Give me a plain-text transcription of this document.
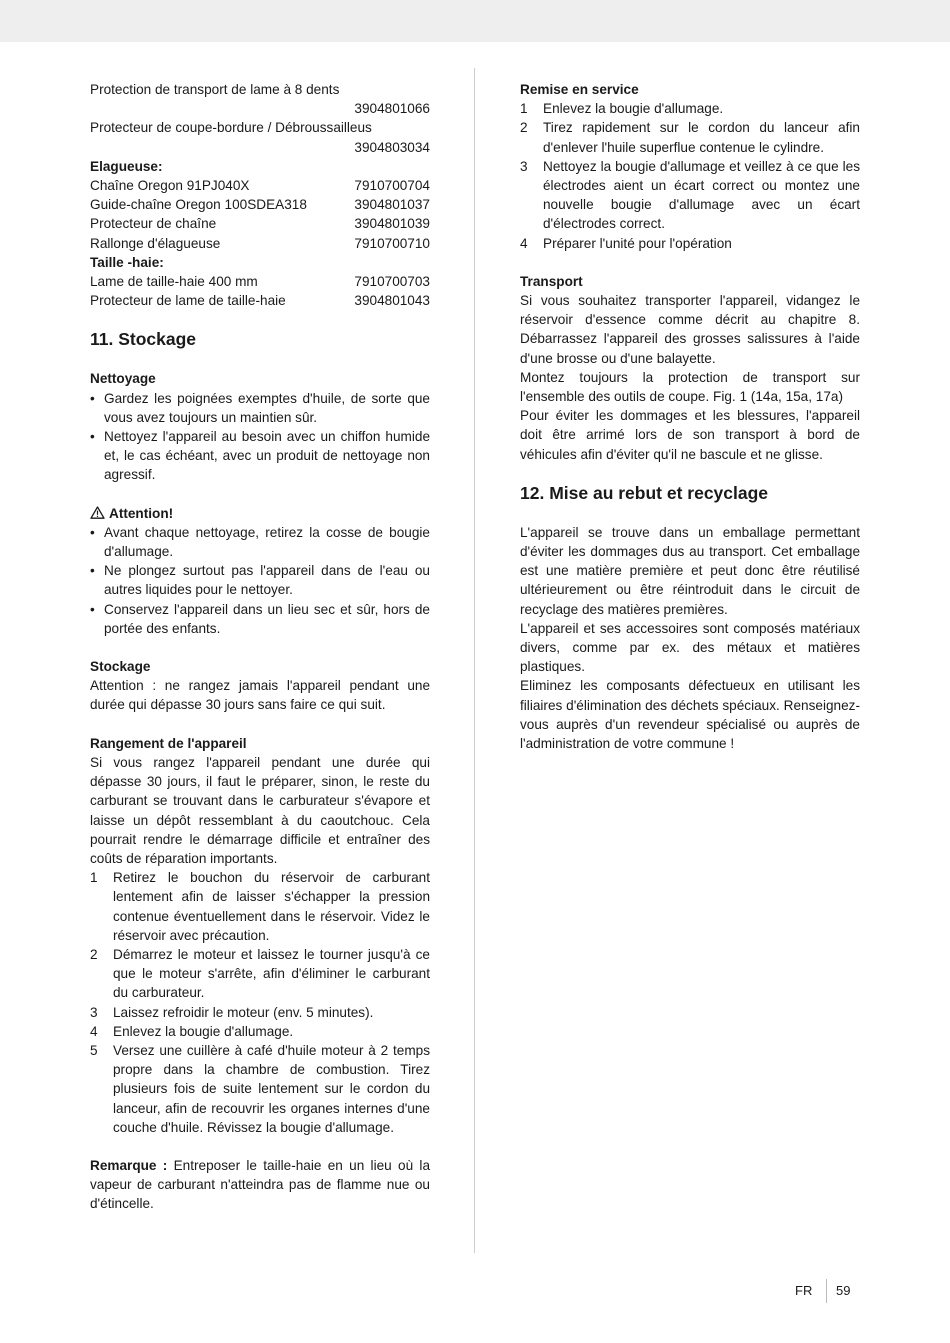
Protection de transport de lame à 8 dents
3904801066
Protecteur de coupe-bordure / Débroussailleus
3904803034
Elagueuse:
Chaîne Oregon 91PJ040X	7910700704
Guide-chaîne Oregon 100SDEA318	3904801037
Protecteur de chaîne	3904801039
Rallonge d'élagueuse	7910700710
Taille -haie:
Lame de taille-haie 400 mm	7910700703
Protecteur de lame de taille-haie	3904801043
11. Stockage
Nettoyage
• Gardez les poignées exemptes d'huile, de sorte que vous avez toujours un maintien sûr.
• Nettoyez l'appareil au besoin avec un chiffon humide et, le cas échéant, avec un produit de nettoyage non agressif.
Attention!
• Avant chaque nettoyage, retirez la cosse de bougie d'allumage.
• Ne plongez surtout pas l'appareil dans de l'eau ou autres liquides pour le nettoyer.
• Conservez l'appareil dans un lieu sec et sûr, hors de portée des enfants.
Stockage

Attention : ne rangez jamais l'appareil pendant une durée qui dépasse 30 jours sans faire ce qui suit.

Rangement de l'appareil

Si vous rangez l'appareil pendant une durée qui dépasse 30 jours, il faut le préparer, sinon, le reste du carburant se trouvant dans le carburateur s'évapore et laisse un dépôt ressemblant à du caoutchouc. Cela pourrait rendre le démarrage difficile et entraîner des coûts de réparation importants.

1	Retirez le bouchon du réservoir de carburant lentement afin de laisser s'échapper la pression contenue éventuellement dans le réservoir. Videz le réservoir avec précaution.
2	Démarrez le moteur et laissez le tourner jusqu'à ce que le moteur s'arrête, afin d'éliminer le carburant du carburateur.
3	Laissez refroidir le moteur (env. 5 minutes).
4	Enlevez la bougie d'allumage.
5	Versez une cuillère à café d'huile moteur à 2 temps propre dans la chambre de combustion. Tirez plusieurs fois de suite lentement sur le cordon du lanceur, afin de recouvrir les organes internes d'une couche d'huile. Révissez la bougie d'allumage.

Remarque : Entreposer le taille-haie en un lieu où la vapeur de carburant n'atteindra pas de flamme nue ou d'étincelle.

Remise en service
1	Enlevez la bougie d'allumage.
2	Tirez rapidement sur le cordon du lanceur afin d'enlever l'huile superflue contenue le cylindre.
3	Nettoyez la bougie d'allumage et veillez à ce que les électrodes aient un écart correct ou montez une nouvelle bougie d'allumage avec un écart d'électrodes correct.
4	Préparer l'unité pour l'opération
Transport

Si vous souhaitez transporter l'appareil, vidangez le réservoir d'essence comme décrit au chapitre 8. Débarrassez l'appareil des grosses salissures à l'aide d'une brosse ou d'une balayette.

Montez toujours la protection de transport sur l'ensemble des outils de coupe. Fig. 1 (14a, 15a, 17a)

Pour éviter les dommages et les blessures, l'appareil doit être arrimé lors de son transport à bord de véhicules afin d'éviter qu'il ne bascule et ne glisse.

12. Mise au rebut et recyclage

L'appareil se trouve dans un emballage permettant d'éviter les dommages dus au transport. Cet emballage est une matière première et peut donc être réutilisé ultérieurement ou être réintroduit dans le circuit de recyclage des matières premières.

L'appareil et ses accessoires sont composés matériaux divers, comme par ex. des métaux et matières plastiques.

Eliminez les composants défectueux en utilisant les filiaires d'élimination des déchets spéciaux. Renseignez-vous auprès d'un revendeur spécialisé ou auprès de l'administration de votre commune !

FR 59
